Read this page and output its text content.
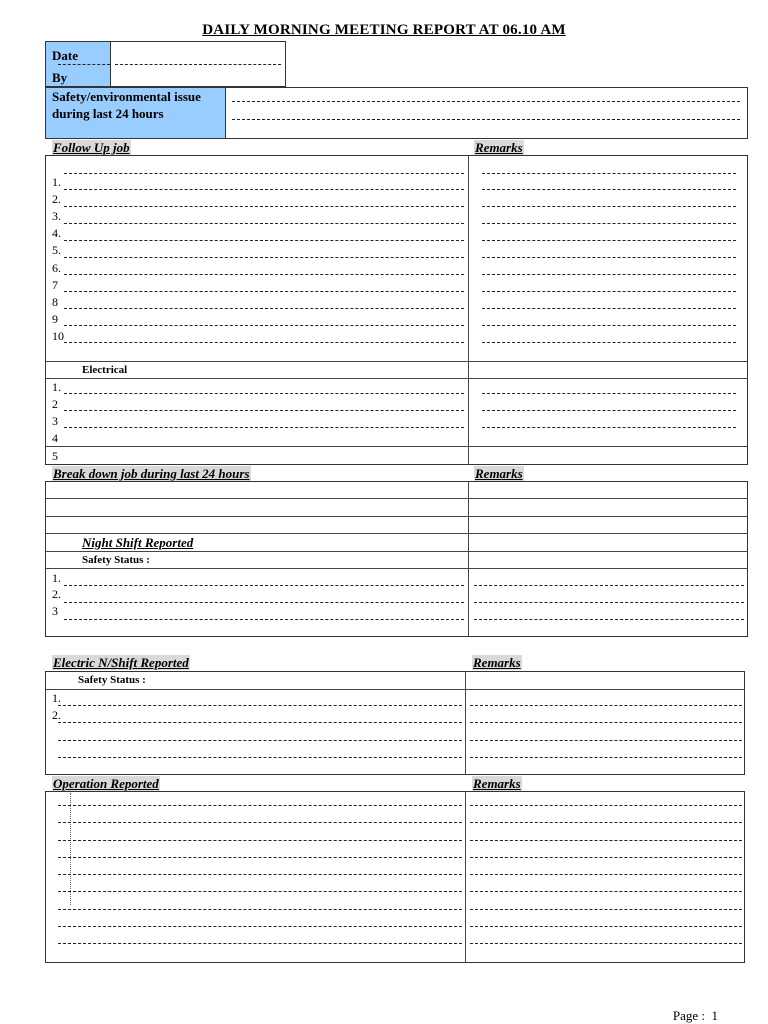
DAILY MORNING MEETING REPORT AT 06.10 AM
Date
By
Safety/environmental issue during last 24 hours
Follow Up job	Remarks
1.
2.
3.
4.
5.
6.
7
8
9
10
Electrical
1.
2
3
4
5
Break down job during last 24 hours	Remarks
Night Shift Reported
Safety Status :
1.
2.
3
Electric N/Shift Reported	Remarks
Safety Status :
1.
2.
Operation Reported	Remarks
Page : 1
